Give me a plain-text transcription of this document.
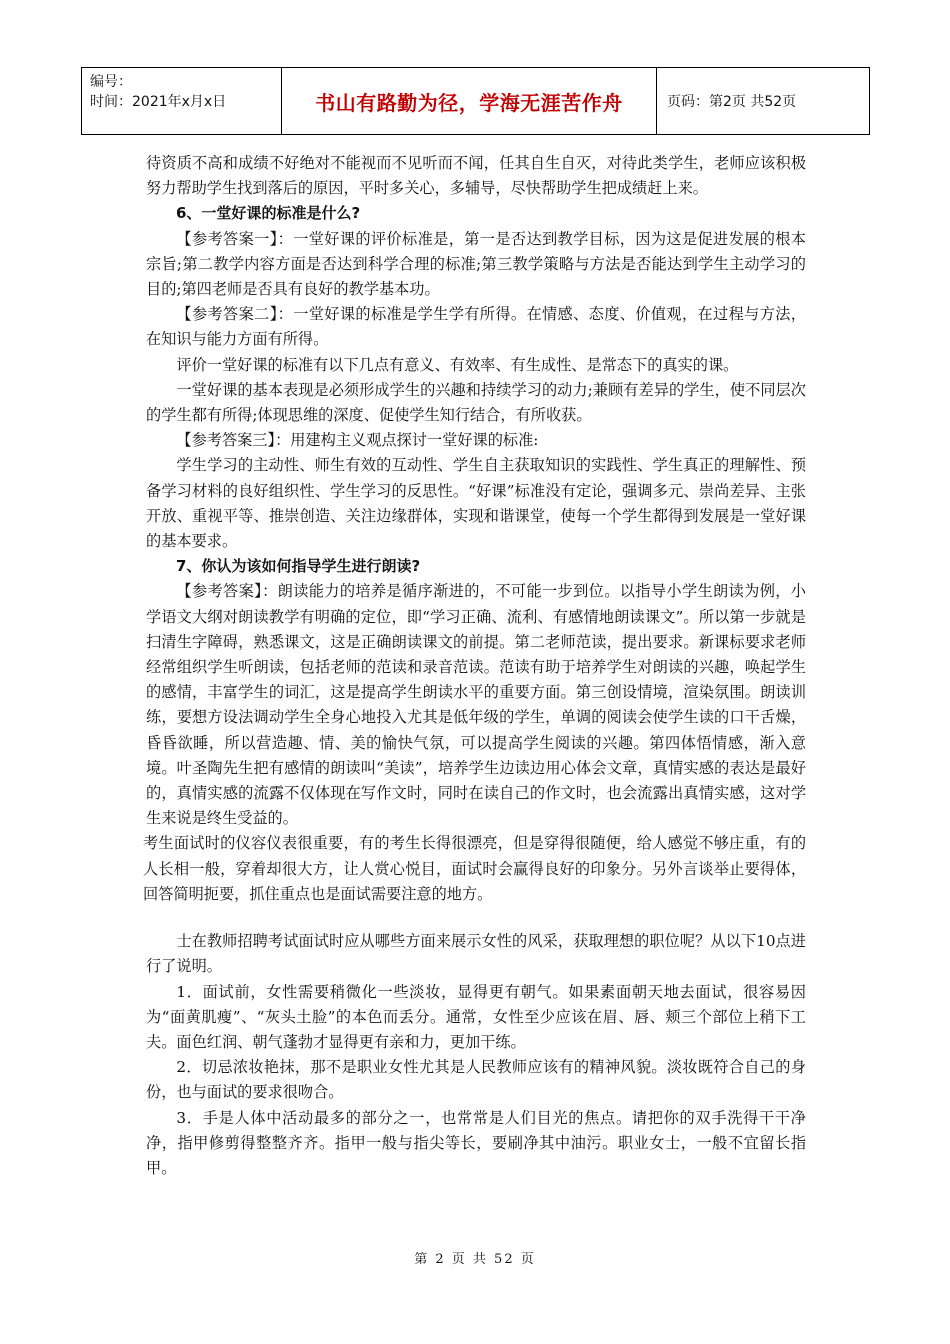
编号：
时间：2021年x月x日	书山有路勤为径，学海无涯苦作舟	页码：第2页 共52页

待资质不高和成绩不好绝对不能视而不见听而不闻，任其自生自灭，对待此类学生，老师应该积极努力帮助学生找到落后的原因，平时多关心，多辅导，尽快帮助学生把成绩赶上来。

6、一堂好课的标准是什么?

【参考答案一】：一堂好课的评价标准是，第一是否达到教学目标，因为这是促进发展的根本宗旨;第二教学内容方面是否达到科学合理的标准;第三教学策略与方法是否能达到学生主动学习的目的;第四老师是否具有良好的教学基本功。

【参考答案二】：一堂好课的标准是学生学有所得。在情感、态度、价值观，在过程与方法，在知识与能力方面有所得。

评价一堂好课的标准有以下几点有意义、有效率、有生成性、是常态下的真实的课。

一堂好课的基本表现是必须形成学生的兴趣和持续学习的动力;兼顾有差异的学生，使不同层次的学生都有所得;体现思维的深度、促使学生知行结合，有所收获。

【参考答案三】：用建构主义观点探讨一堂好课的标准:

学生学习的主动性、师生有效的互动性、学生自主获取知识的实践性、学生真正的理解性、预备学习材料的良好组织性、学生学习的反思性。“好课”标准没有定论，强调多元、崇尚差异、主张开放、重视平等、推崇创造、关注边缘群体，实现和谐课堂，使每一个学生都得到发展是一堂好课的基本要求。

7、你认为该如何指导学生进行朗读?

【参考答案】：朗读能力的培养是循序渐进的，不可能一步到位。以指导小学生朗读为例，小学语文大纲对朗读教学有明确的定位，即“学习正确、流利、有感情地朗读课文”。所以第一步就是扫清生字障碍，熟悉课文，这是正确朗读课文的前提。第二老师范读，提出要求。新课标要求老师经常组织学生听朗读，包括老师的范读和录音范读。范读有助于培养学生对朗读的兴趣，唤起学生的感情，丰富学生的词汇，这是提高学生朗读水平的重要方面。第三创设情境，渲染氛围。朗读训练，要想方设法调动学生全身心地投入尤其是低年级的学生，单调的阅读会使学生读的口干舌燥，昏昏欲睡，所以营造趣、情、美的愉快气氛，可以提高学生阅读的兴趣。第四体悟情感，渐入意境。叶圣陶先生把有感情的朗读叫“美读”，培养学生边读边用心体会文章，真情实感的表达是最好的，真情实感的流露不仅体现在写作文时，同时在读自己的作文时，也会流露出真情实感，这对学生来说是终生受益的。

考生面试时的仪容仪表很重要，有的考生长得很漂亮，但是穿得很随便，给人感觉不够庄重，有的人长相一般，穿着却很大方，让人赏心悦目，面试时会赢得良好的印象分。另外言谈举止要得体，回答简明扼要，抓住重点也是面试需要注意的地方。

士在教师招聘考试面试时应从哪些方面来展示女性的风采，获取理想的职位呢？从以下10点进行了说明。

1．面试前，女性需要稍微化一些淡妆，显得更有朝气。如果素面朝天地去面试，很容易因为“面黄肌瘦”、“灰头土脸”的本色而丢分。通常，女性至少应该在眉、唇、颊三个部位上稍下工夫。面色红润、朝气蓬勃才显得更有亲和力，更加干练。

2．切忌浓妆艳抹，那不是职业女性尤其是人民教师应该有的精神风貌。淡妆既符合自己的身份，也与面试的要求很吻合。

3．手是人体中活动最多的部分之一，也常常是人们目光的焦点。请把你的双手洗得干干净净，指甲修剪得整整齐齐。指甲一般与指尖等长，要刷净其中油污。职业女士，一般不宜留长指甲。

第 2 页 共 52 页
